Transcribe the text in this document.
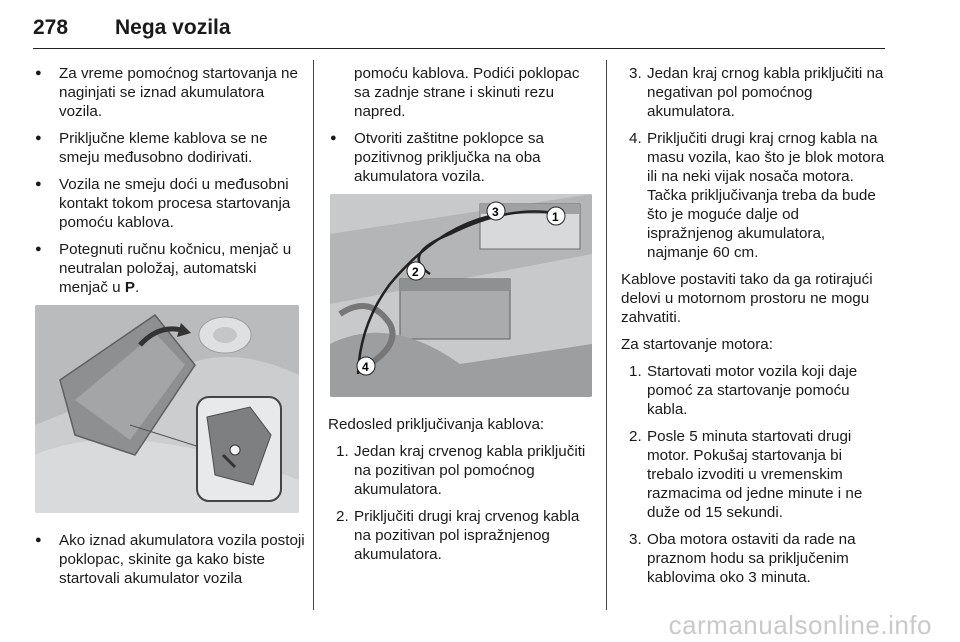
278 Nega vozila
● Za vreme pomoćnog startovanja ne naginjati se iznad akumulatora vozila.
● Priključne kleme kablova se ne smeju međusobno dodirivati.
● Vozila ne smeju doći u međusobni kontakt tokom procesa startovanja pomoću kablova.
● Potegnuti ručnu kočnicu, menjač u neutralan položaj, automatski menjač u P.
● Ako iznad akumulatora vozila postoji poklopac, skinite ga kako biste startovali akumulator vozila
pomoću kablova. Podići poklopac sa zadnje strane i skinuti rezu napred.
● Otvoriti zaštitne poklopce sa pozitivnog priključka na oba akumulatora vozila.
1
2
3
4
Redosled priključivanja kablova:
1. Jedan kraj crvenog kabla priključiti na pozitivan pol pomoćnog akumulatora.
2. Priključiti drugi kraj crvenog kabla na pozitivan pol ispražnjenog akumulatora.
3. Jedan kraj crnog kabla priključiti na negativan pol pomoćnog akumulatora.
4. Priključiti drugi kraj crnog kabla na masu vozila, kao što je blok motora ili na neki vijak nosača motora. Tačka priključivanja treba da bude što je moguće dalje od ispražnjenog akumulatora, najmanje 60 cm.
Kablove postaviti tako da ga rotirajući delovi u motornom prostoru ne mogu zahvatiti.
Za startovanje motora:
1. Startovati motor vozila koji daje pomoć za startovanje pomoću kabla.
2. Posle 5 minuta startovati drugi motor. Pokušaj startovanja bi trebalo izvoditi u vremenskim razmacima od jedne minute i ne duže od 15 sekundi.
3. Oba motora ostaviti da rade na praznom hodu sa priključenim kablovima oko 3 minuta.
carmanualsonline.info
